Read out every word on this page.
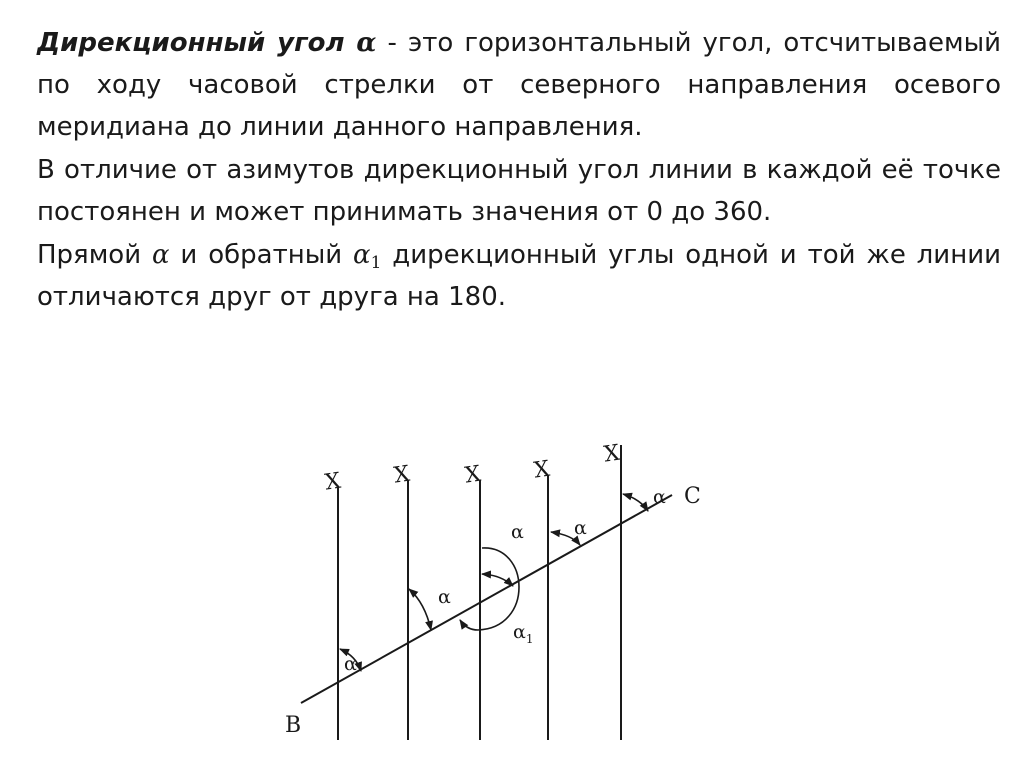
Дирекционный угол α - это горизонтальный угол, отсчитываемый по ходу часовой стрелки от северного направления осевого меридиана до линии данного направления.

В отличие от азимутов дирекционный угол линии в каждой её точке постоянен и может принимать значения от 0 до 360.

Прямой α и обратный $\alpha_1$ дирекционный углы одной и той же линии отличаются друг от друга на 180.

X X X X
X
B
C
α
α
α	α
α
$\alpha_1$
